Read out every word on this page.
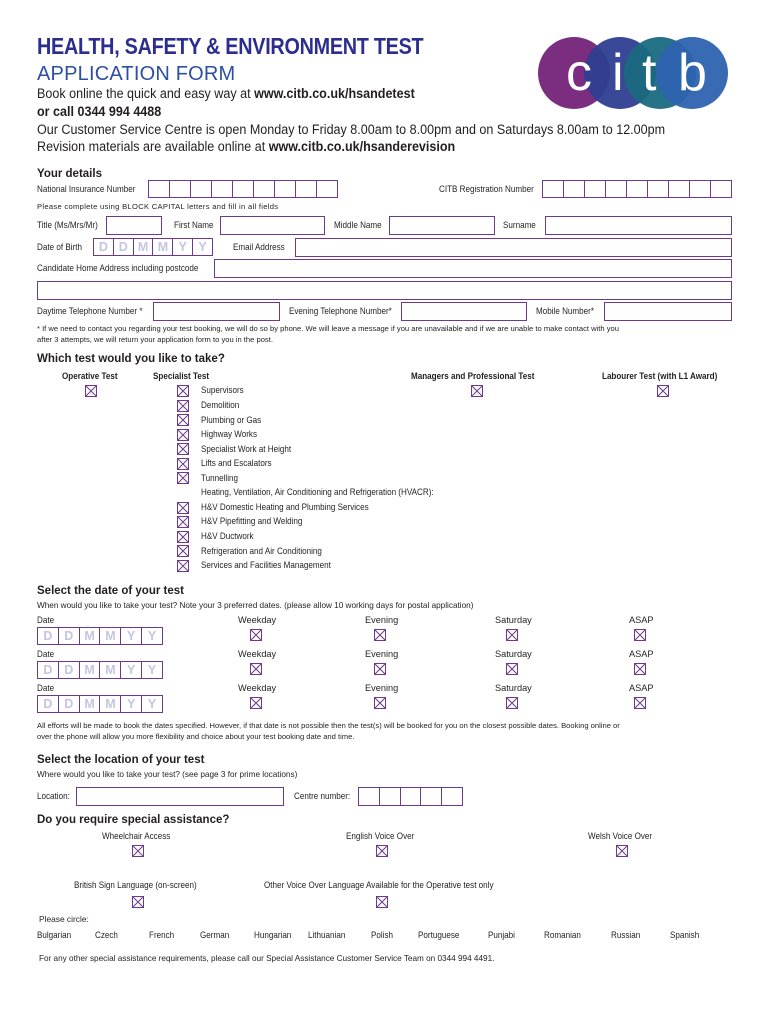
HEALTH, SAFETY & ENVIRONMENT TEST
APPLICATION FORM
Book online the quick and easy way at www.citb.co.uk/hsandetest
or call 0344 994 4488
Our Customer Service Centre is open Monday to Friday 8.00am to 8.00pm and on Saturdays 8.00am to 12.00pm
Revision materials are available online at www.citb.co.uk/hsanderevision
c i t b
Your details
National Insurance Number	CITB Registration Number
Please complete using BLOCK CAPITAL letters and fill in all fields
Title (Ms/Mrs/Mr)	First Name	Middle Name	Surname
Date of Birth	D D M M Y Y	Email Address
Candidate Home Address including postcode
Daytime Telephone Number *	Evening Telephone Number*	Mobile Number*
* If we need to contact you regarding your test booking, we will do so by phone. We will leave a message if you are unavailable and if we are unable to make contact with you
after 3 attempts, we will return your application form to you in the post.
Which test would you like to take?
Operative Test	Specialist Test	Managers and Professional Test	Labourer Test (with L1 Award)
Supervisors
Demolition
Plumbing or Gas
Highway Works
Specialist Work at Height
Lifts and Escalators
Tunnelling
Heating, Ventilation, Air Conditioning and Refrigeration (HVACR):
H&V Domestic Heating and Plumbing Services
H&V Pipefitting and Welding
H&V Ductwork
Refrigeration and Air Conditioning
Services and Facilities Management
Select the date of your test
When would you like to take your test? Note your 3 preferred dates. (please allow 10 working days for postal application)
Date	Weekday	Evening	Saturday	ASAP
D D M M Y Y
Date	Weekday	Evening	Saturday	ASAP
D D M M Y Y
Date	Weekday	Evening	Saturday	ASAP
D D M M Y Y
All efforts will be made to book the dates specified. However, if that date is not possible then the test(s) will be booked for you on the closest possible dates. Booking online or
over the phone will allow you more flexibility and choice about your test booking date and time.
Select the location of your test
Where would you like to take your test? (see page 3 for prime locations)
Location:	Centre number:
Do you require special assistance?
Wheelchair Access	English Voice Over	Welsh Voice Over
British Sign Language (on-screen)	Other Voice Over Language Available for the Operative test only
Please circle:
Bulgarian	Czech	French	German	Hungarian Lithuanian	Polish	Portuguese	Punjabi	Romanian	Russian	Spanish
For any other special assistance requirements, please call our Special Assistance Customer Service Team on 0344 994 4491.
